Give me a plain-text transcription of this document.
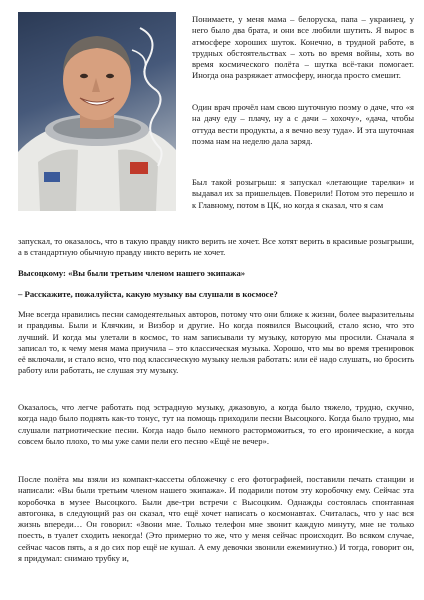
Понимаете, у меня мама – белоруска, папа – украинец, у него было два брата, и они все любили шутить. Я вырос в атмосфере хороших шуток. Конечно, в трудной работе, в трудных обстоятельствах – хоть во время войны, хоть во время космического полёта – шутка всё-таки помогает. Иногда она разряжает атмосферу, иногда просто смешит.

Один врач прочёл нам свою шуточную поэму о даче, что «я на дачу еду – плачу, ну а с дачи – хохочу», «дача, чтобы оттуда вести продукты, а я вечно везу туда». И эта шуточная поэма нам на неделю дала заряд.

Был такой розыгрыш: я запускал «летающие тарелки» и выдавал их за пришельцев. Поверили! Потом это перешло и к Главному, потом в ЦК, но когда я сказал, что я сам

запускал, то оказалось, что в такую правду никто верить не хочет. Все хотят верить в красивые розыгрыши, а в стандартную обычную правду никто верить не хочет.

Высоцкому: «Вы были третьим членом нашего экипажа»

– Расскажите, пожалуйста, какую музыку вы слушали в космосе?

Мне всегда нравились песни самодеятельных авторов, потому что они ближе к жизни, более выразительны и правдивы. Были и Клячкин, и Визбор и другие. Но когда появился Высоцкий, стало ясно, что это лучший. И когда мы улетали в космос, то нам записывали ту музыку, которую мы просили. Сначала я записал то, к чему меня мама приучила – это классическая музыка. Хорошо, что мы во время тренировок её включали, и стало ясно, что под классическую музыку нельзя работать: или её надо слушать, но бросить работу или работать, не слушая эту музыку.

Оказалось, что легче работать под эстрадную музыку, джазовую, а когда было тяжело, трудно, скучно, когда надо было поднять как-то тонус, тут на помощь приходили песни Высоцкого. Когда было трудно, мы слушали патриотические песни. Когда надо было немного расторможиться, то его иронические, а когда совсем было плохо, то мы уже сами пели его песню «Ещё не вечер».

После полёта мы взяли из компакт-кассеты обложечку с его фотографией, поставили печать станции и написали: «Вы были третьим членом нашего экипажа». И подарили потом эту коробочку ему. Сейчас эта коробочка в музее Высоцкого. Были две-три встречи с Высоцким. Однажды состоялась спонтанная автогонка, в следующий раз он сказал, что ещё хочет написать о космонавтах. Считалась, что у нас вся жизнь впереди… Он говорил: «Звони мне. Только телефон мне звонит каждую минуту, мне не только поесть, в туалет сходить некогда! (Это примерно то же, что у меня сейчас происходит. Во всяком случае, сейчас часов пять, а я до сих пор ещё не кушал. А ему девочки звонили ежеминутно.) И тогда, говорит он, я придумал: снимаю трубку и,
